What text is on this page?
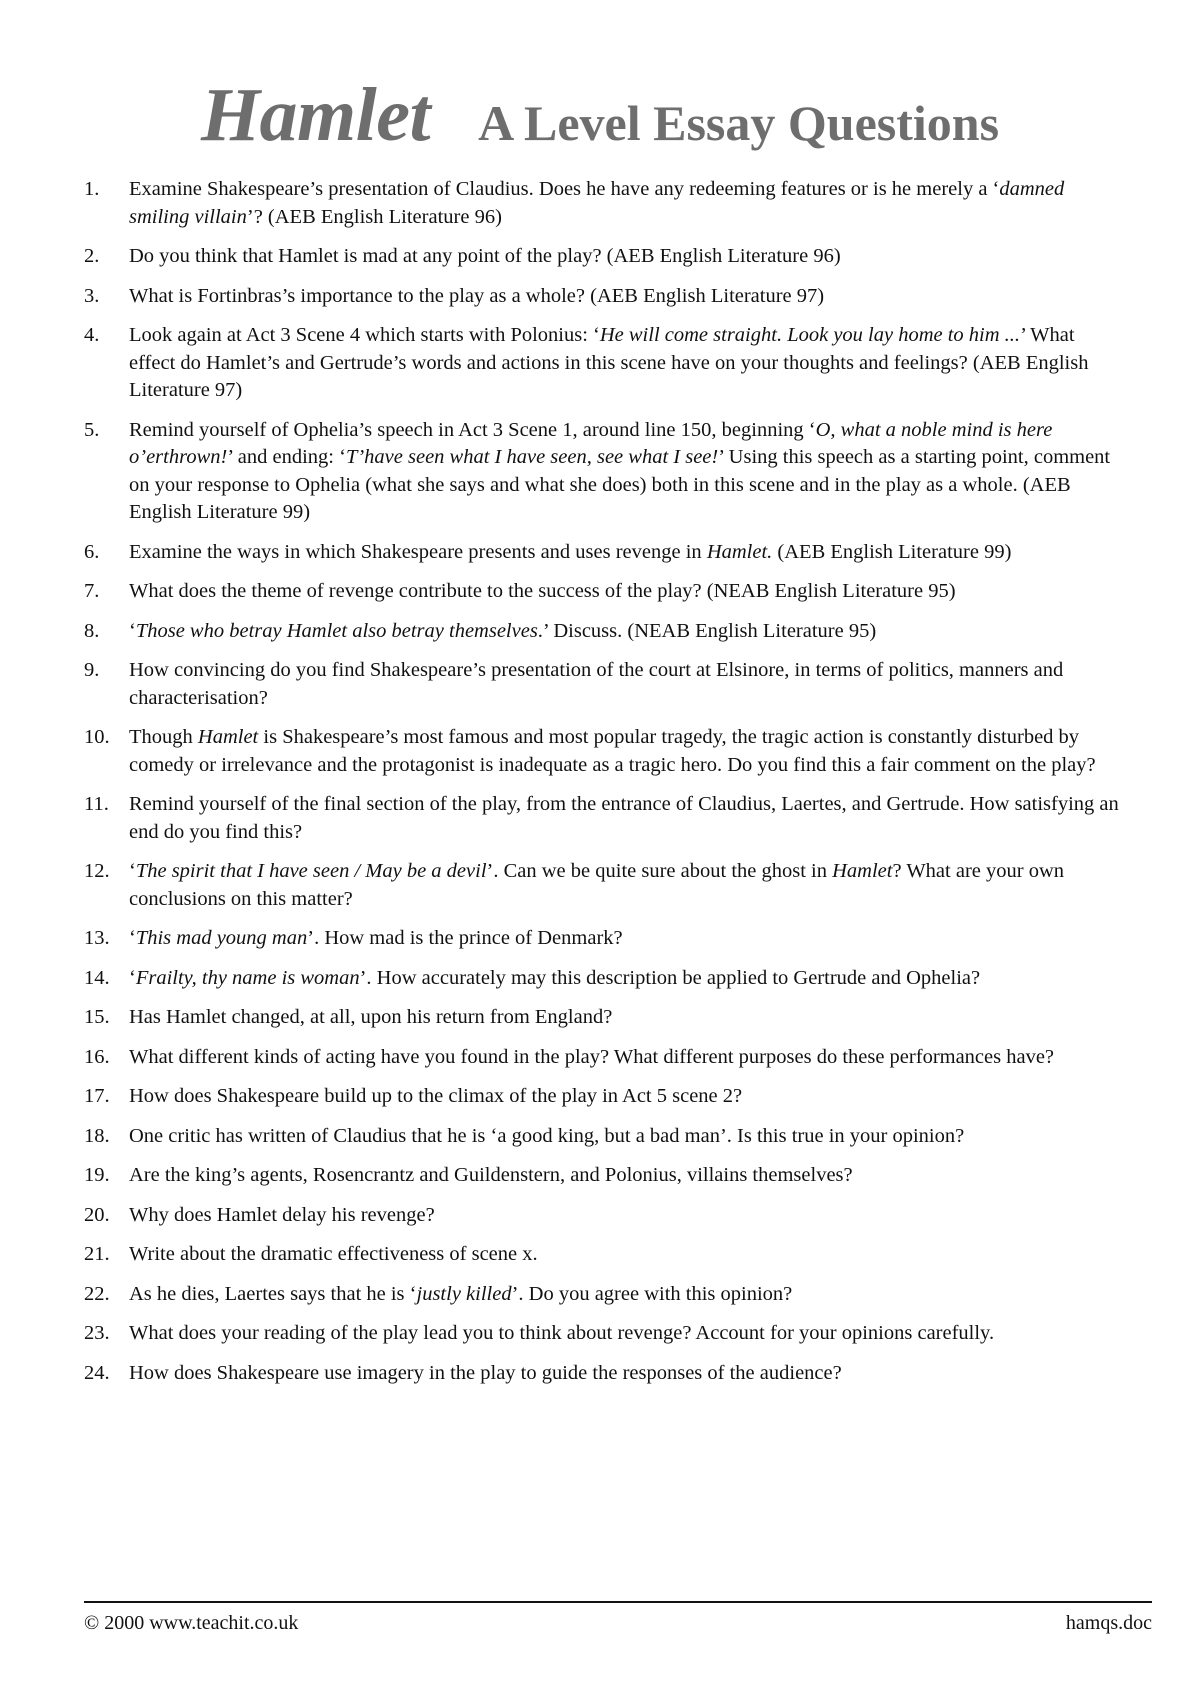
Hamlet A Level Essay Questions
1.	Examine Shakespeare’s presentation of Claudius. Does he have any redeeming features or is he merely a ‘damned smiling villain’? (AEB English Literature 96)
2.	Do you think that Hamlet is mad at any point of the play? (AEB English Literature 96)
3.	What is Fortinbras’s importance to the play as a whole? (AEB English Literature 97)
4.	Look again at Act 3 Scene 4 which starts with Polonius: ‘He will come straight. Look you lay home to him ...’ What effect do Hamlet’s and Gertrude’s words and actions in this scene have on your thoughts and feelings? (AEB English Literature 97)
5.	Remind yourself of Ophelia’s speech in Act 3 Scene 1, around line 150, beginning ‘O, what a noble mind is here o’erthrown!’ and ending: ‘T’have seen what I have seen, see what I see!’ Using this speech as a starting point, comment on your response to Ophelia (what she says and what she does) both in this scene and in the play as a whole. (AEB English Literature 99)
6.	Examine the ways in which Shakespeare presents and uses revenge in Hamlet. (AEB English Literature 99)
7.	What does the theme of revenge contribute to the success of the play? (NEAB English Literature 95)
8.	‘Those who betray Hamlet also betray themselves.’ Discuss. (NEAB English Literature 95)
9.	How convincing do you find Shakespeare’s presentation of the court at Elsinore, in terms of politics, manners and characterisation?
10. Though Hamlet is Shakespeare’s most famous and most popular tragedy, the tragic action is constantly disturbed by comedy or irrelevance and the protagonist is inadequate as a tragic hero. Do you find this a fair comment on the play?
11. Remind yourself of the final section of the play, from the entrance of Claudius, Laertes, and Gertrude. How satisfying an end do you find this?
12. ‘The spirit that I have seen / May be a devil’. Can we be quite sure about the ghost in Hamlet? What are your own conclusions on this matter?
13. ‘This mad young man’. How mad is the prince of Denmark?
14. ‘Frailty, thy name is woman’. How accurately may this description be applied to Gertrude and Ophelia?
15. Has Hamlet changed, at all, upon his return from England?
16. What different kinds of acting have you found in the play? What different purposes do these performances have?
17. How does Shakespeare build up to the climax of the play in Act 5 scene 2?
18. One critic has written of Claudius that he is ‘a good king, but a bad man’. Is this true in your opinion?
19. Are the king’s agents, Rosencrantz and Guildenstern, and Polonius, villains themselves?
20. Why does Hamlet delay his revenge?
21. Write about the dramatic effectiveness of scene x.
22. As he dies, Laertes says that he is ‘justly killed’. Do you agree with this opinion?
23. What does your reading of the play lead you to think about revenge? Account for your opinions carefully.
24. How does Shakespeare use imagery in the play to guide the responses of the audience?
© 2000 www.teachit.co.uk	hamqs.doc
